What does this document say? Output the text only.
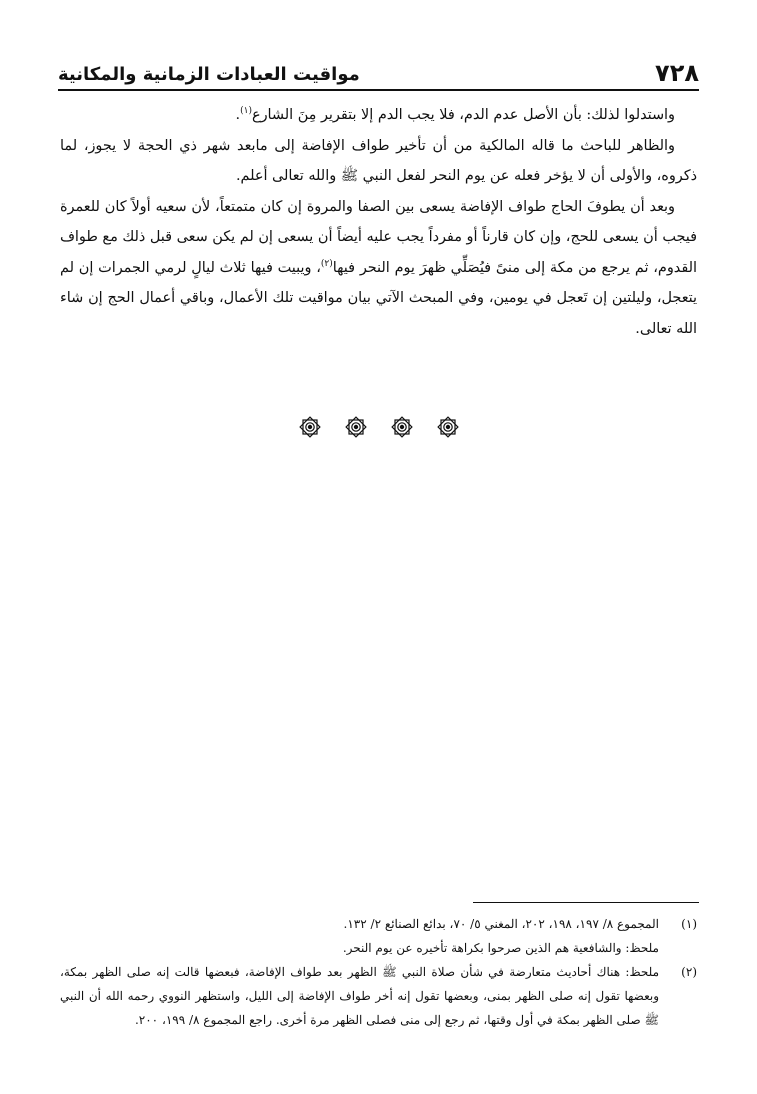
٧٢٨
مواقيت العبادات الزمانية والمكانية

واستدلوا لذلك: بأن الأصل عدم الدم، فلا يجب الدم إلا بتقرير مِنَ الشارع$^{(١)}$.

والظاهر للباحث ما قاله المالكية من أن تأخير طواف الإفاضة إلى مابعد شهر ذي الحجة لا يجوز، لما ذكروه، والأولى أن لا يؤخر فعله عن يوم النحر لفعل النبي ﷺ والله تعالى أعلم.

وبعد أن يطوفَ الحاج طواف الإفاضة يسعى بين الصفا والمروة إن كان متمتعاً، لأن سعيه أولاً كان للعمرة فيجب أن يسعى للحج، وإن كان قارناً أو مفرداً يجب عليه أيضاً أن يسعى إن لم يكن سعى قبل ذلك مع طواف القدوم، ثم يرجع من مكة إلى منىً فيُصَلِّي ظهرَ يوم النحر فيها$^{(٢)}$، ويبيت فيها ثلاث ليالٍ لرمي الجمرات إن لم يتعجل، وليلتين إن تَعجل في يومين، وفي المبحث الآتي بيان مواقيت تلك الأعمال، وباقي أعمال الحج إن شاء الله تعالى.

(١)
المجموع ٨/ ١٩٧، ١٩٨، ٢٠٢، المغني ٥/ ٧٠، بدائع الصنائع ٢/ ١٣٢.
ملحظ: والشافعية هم الذين صرحوا بكراهة تأخيره عن يوم النحر.
(٢)
ملحظ: هناك أحاديث متعارضة في شأن صلاة النبي ﷺ الظهر بعد طواف الإفاضة، فبعضها قالت إنه صلى الظهر بمكة، وبعضها تقول إنه صلى الظهر بمنى، وبعضها تقول إنه أخر طواف الإفاضة إلى الليل، واستظهر النووي رحمه الله أن النبي ﷺ صلى الظهر بمكة في أول وقتها، ثم رجع إلى منى فصلى الظهر مرة أخرى. راجع المجموع ٨/ ١٩٩، ٢٠٠.
